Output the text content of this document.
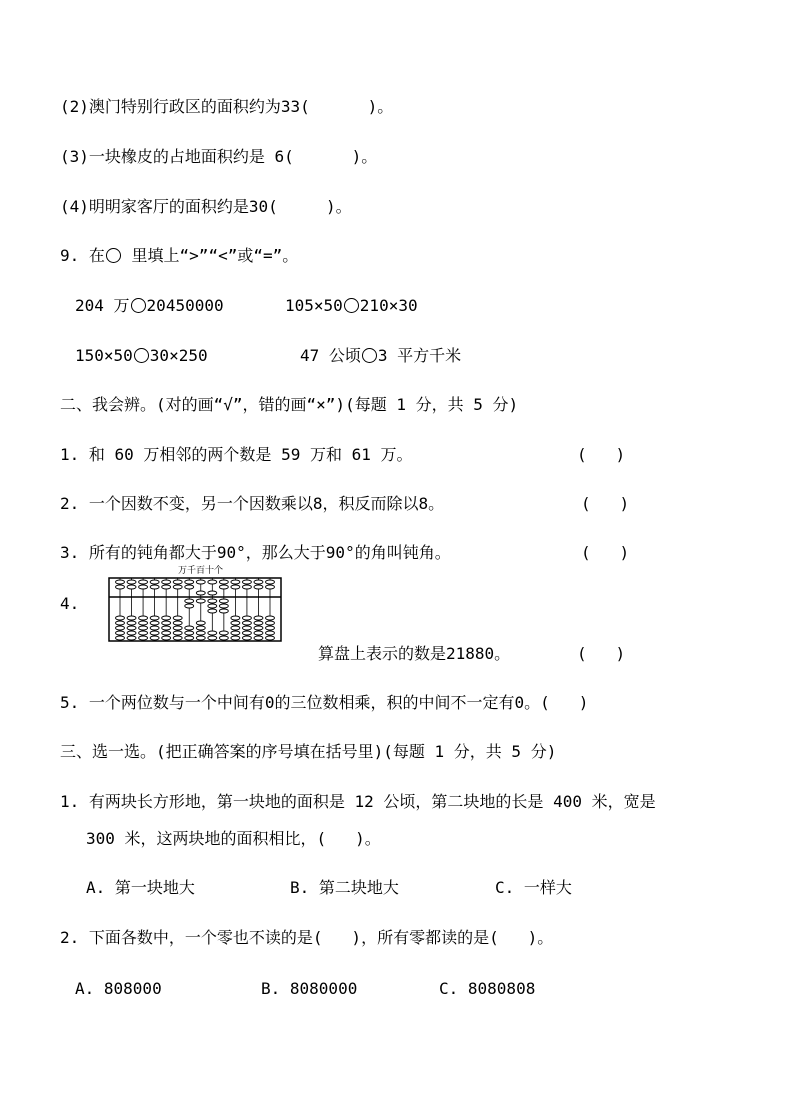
(2)澳门特别行政区的面积约为33(      )。
(3)一块橡皮的占地面积约是 6(      )。
(4)明明家客厅的面积约是30(     )。
9. 在 里填上“>”“<”或“=”。
204 万 20450000	105×50 210×30
150×50 30×250	47 公顷 3 平方千米
二、我会辨。(对的画“√”，错的画“×”)(每题 1 分，共 5 分)
1. 和 60 万相邻的两个数是 59 万和 61 万。	(   )
2. 一个因数不变，另一个因数乘以8，积反而除以8。	(   )
3. 所有的钝角都大于90°，那么大于90°的角叫钝角。	(   )
4.
万千百十个
算盘上表示的数是21880。	(   )
5. 一个两位数与一个中间有0的三位数相乘，积的中间不一定有0。(   )
三、选一选。(把正确答案的序号填在括号里)(每题 1 分，共 5 分)
1. 有两块长方形地，第一块地的面积是 12 公顷，第二块地的长是 400 米，宽是
300 米，这两块地的面积相比，(   )。
A. 第一块地大	B. 第二块地大	C. 一样大
2. 下面各数中，一个零也不读的是(   )，所有零都读的是(   )。
A. 808000	B. 8080000	C. 8080808
